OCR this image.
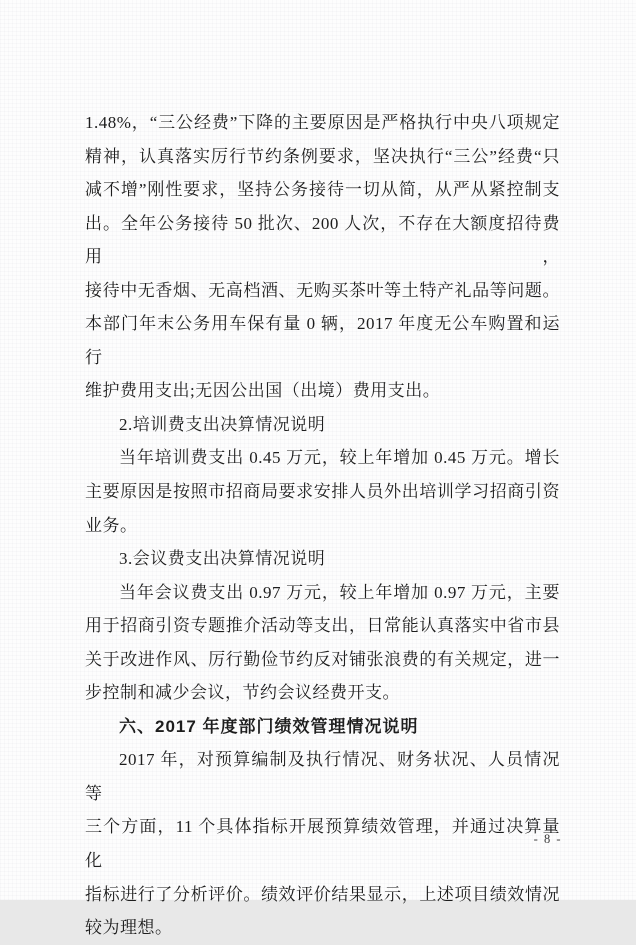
1.48%，“三公经费”下降的主要原因是严格执行中央八项规定

精神，认真落实厉行节约条例要求，坚决执行“三公”经费“只

减不增”刚性要求，坚持公务接待一切从简，从严从紧控制支

出。全年公务接待 50 批次、200 人次，不存在大额度招待费用，

接待中无香烟、无高档酒、无购买茶叶等土特产礼品等问题。

本部门年末公务用车保有量 0 辆，2017 年度无公车购置和运行

维护费用支出;无因公出国（出境）费用支出。

2.培训费支出决算情况说明

当年培训费支出 0.45 万元，较上年增加 0.45 万元。增长

主要原因是按照市招商局要求安排人员外出培训学习招商引资

业务。

3.会议费支出决算情况说明

当年会议费支出 0.97 万元，较上年增加 0.97 万元，主要

用于招商引资专题推介活动等支出，日常能认真落实中省市县

关于改进作风、厉行勤俭节约反对铺张浪费的有关规定，进一

步控制和减少会议，节约会议经费开支。

六、2017 年度部门绩效管理情况说明

2017 年，对预算编制及执行情况、财务状况、人员情况等

三个方面，11 个具体指标开展预算绩效管理，并通过决算量化

指标进行了分析评价。绩效评价结果显示，上述项目绩效情况

较为理想。

- 8 -
